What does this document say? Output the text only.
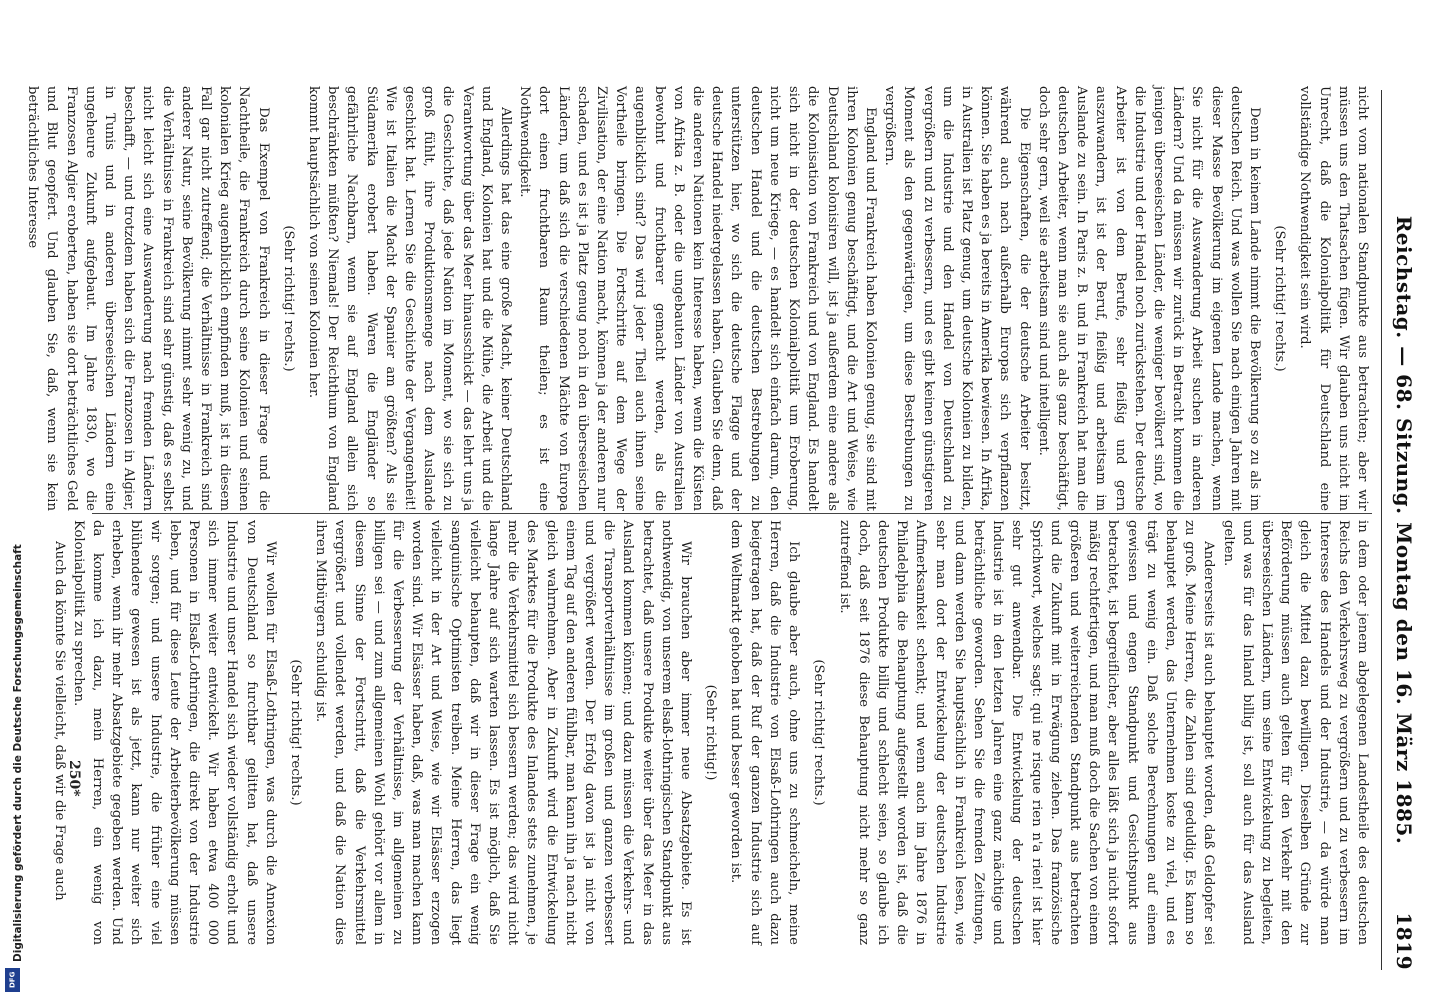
Reichstag. — 68. Sitzung. Montag den 16. März 1885.
1819

nicht vom nationalen Standpunkte aus betrachten; aber wir müssen uns den Thatsachen fügen. Wir glauben uns nicht im Unrecht, daß die Kolonialpolitik für Deutschland eine vollständige Nothwendigkeit sein wird.

(Sehr richtig! rechts.)

Denn in keinem Lande nimmt die Bevölkerung so zu als im deutschen Reich. Und was wollen Sie nach einigen Jahren mit dieser Masse Bevölkerung im eigenen Lande machen, wenn Sie nicht für die Auswanderung Arbeit suchen in anderen Ländern? Und da müssen wir zurück in Betracht kommen die jenigen überseeischen Länder, die weniger bevölkert sind, wo die Industrie und der Handel noch zurückstehen. Der deutsche Arbeiter ist von dem Berufe, sehr fleißig und gern auszuwandern, ist ist der Beruf, fleißig und arbeitsam im Auslande zu sein. In Paris z. B. und in Frankreich hat man die deutschen Arbeiter, wenn man sie auch als ganz beschäftigt, doch sehr gern, weil sie arbeitsam sind und intelligent.

Die Eigenschaften, die der deutsche Arbeiter besitzt, während auch nach außerhalb Europas sich verpflanzen können. Sie haben es ja bereits in Amerika bewiesen. In Afrika, in Australien ist Platz genug, um deutsche Kolonien zu bilden, um die Industrie und den Handel von Deutschland zu vergrößern und zu verbessern, und es gibt keinen günstigeren Moment als den gegenwärtigen, um diese Bestrebungen zu vergrößern.

England und Frankreich haben Kolonien genug, sie sind mit ihren Kolonien genug beschäftigt, und die Art und Weise, wie Deutschland kolonisiren will, ist ja außerdem eine andere als die Kolonisation von Frankreich und von England. Es handelt sich nicht in der deutschen Kolonialpolitik um Eroberung, nicht um neue Kriege, — es handelt sich einfach darum, den deutschen Handel und die deutschen Bestrebungen zu unterstützen hier, wo sich die deutsche Flagge und der deutsche Handel niedergelassen haben. Glauben Sie denn, daß die anderen Nationen kein Interesse haben, wenn die Küsten von Afrika z. B. oder die ungebauten Länder von Australien bewohnt und fruchtbarer gemacht werden, als die augenblicklich sind? Das wird jeder Theil auch ihnen seine Vortheile bringen. Die Fortschritte auf dem Wege der Zivilisation, der eine Nation macht, können ja der anderen nur schaden, und es ist ja Platz genug noch in den überseeischen Ländern, um daß sich die verschiedenen Mächte von Europa dort einen fruchtbaren Raum theilen; es ist eine Nothwendigkeit.

Allerdings hat das eine große Macht, keiner Deutschland und England, Kolonien hat und die Mühe, die Arbeit und die Verantwortung über das Meer hinausschickt — das lehrt uns ja die Geschichte, daß jede Nation im Moment, wo sie sich zu groß fühlt, ihre Produktionsmenge nach dem Auslande geschickt hat. Lernen Sie die Geschichte der Vergangenheit! Wie ist Italien die Macht der Spanier am größten? Als sie Südamerika erobert haben. Waren die Engländer so gefährliche Nachbarn, wenn sie auf England allein sich beschränkten müßten? Niemals! Der Reichthum von England kommt hauptsächlich von seinen Kolonien her.

(Sehr richtig! rechts.)

Das Exempel von Frankreich in dieser Frage und die Nachtheile, die Frankreich durch seine Kolonien und seinen kolonialen Krieg augenblicklich empfinden muß, ist in diesem Fall gar nicht zutreffend; die Verhältnisse in Frankreich sind anderer Natur, seine Bevölkerung nimmt sehr wenig zu, und die Verhältnisse in Frankreich sind sehr günstig, daß es selbst nicht leicht sich eine Auswanderung nach fremden Ländern beschafft, — und trotzdem haben sich die Franzosen in Algier, in Tunis und in anderen überseeischen Ländern eine ungeheure Zukunft aufgebaut. Im Jahre 1830, wo die Franzosen Algier eroberten, haben sie dort beträchtliches Geld und Blut geopfert. Und glauben Sie, daß, wenn sie kein beträchtliches Interesse

in dem oder jenem abgelegenen Landestheile des deutschen Reichs den Verkehrsweg zu vergrößern und zu verbessern im Interesse des Handels und der Industrie, — da würde man gleich die Mittel dazu bewilligen. Dieselben Gründe zur Beförderung müssen auch gelten für den Verkehr mit den überseeischen Ländern, um seine Entwickelung zu begleiten, und was für das Inland billig ist, soll auch für das Ausland gelten.

Andererseits ist auch behauptet worden, daß Geldopfer sei zu groß. Meine Herren, die Zahlen sind geduldig. Es kann so behauptet werden, das Unternehmen koste zu viel, und es trägt zu wenig ein. Daß solche Berechnungen auf einem gewissen und engen Standpunkt und Gesichtspunkt aus betrachtet, ist begreiflicher, aber alles läßt sich ja nicht sofort mäßig rechtfertigen, und man muß doch die Sachen von einem größeren und weiterreichenden Standpunkt aus betrachten und die Zukunft mit in Erwägung ziehen. Das französische Sprichwort, welches sagt: qui ne risque rien n'a rien! ist hier sehr gut anwendbar. Die Entwickelung der deutschen Industrie ist in den letzten Jahren eine ganz mächtige und beträchtliche geworden. Sehen Sie die fremden Zeitungen, und dann werden Sie hauptsächlich in Frankreich lesen, wie sehr man dort der Entwickelung der deutschen Industrie Aufmerksamkeit schenkt; und wenn auch im Jahre 1876 in Philadelphia die Behauptung aufgestellt worden ist, daß die deutschen Produkte billig und schlecht seien, so glaube ich doch, daß seit 1876 diese Behauptung nicht mehr so ganz zutreffend ist.

(Sehr richtig! rechts.)

Ich glaube aber auch, ohne uns zu schmeicheln, meine Herren, daß die Industrie von Elsaß-Lothringen auch dazu beigetragen hat, daß der Ruf der ganzen Industrie sich auf dem Weltmarkt gehoben hat und besser geworden ist.

(Sehr richtig!)

Wir brauchen aber immer neue Absatzgebiete. Es ist nothwendig, von unserem elsaß-lothringischen Standpunkt aus betrachtet, daß unsere Produkte weiter über das Meer in das Ausland kommen können; und dazu müssen die Verkehrs- und die Transportverhältnisse im großen und ganzen verbessert und vergrößert werden. Der Erfolg davon ist ja nicht von einem Tag auf den anderen fühlbar, man kann ihn ja nach nicht gleich wahrnehmen. Aber in Zukunft wird die Entwickelung des Marktes für die Produkte des Inlandes stets zunehmen, je mehr die Verkehrsmittel sich bessern werden; das wird nicht lange Jahre auf sich warten lassen. Es ist möglich, daß Sie vielleicht behaupten, daß wir in dieser Frage ein wenig sanguinische Optimisten treiben. Meine Herren, das liegt vielleicht in der Art und Weise, wie wir Elsässer erzogen worden sind. Wir Elsässer haben, daß, was man machen kann für die Verbesserung der Verhältnisse, im allgemeinen zu billigen sei — und zum allgemeinen Wohl gehört vor allem in diesem Sinne der Fortschritt, daß die Verkehrsmittel vergrößert und vollendet werden, und daß die Nation dies ihren Mitbürgern schuldig ist.

(Sehr richtig! rechts.)

Wir wollen für Elsaß-Lothringen, was durch die Annexion von Deutschland so furchtbar gelitten hat, daß unsere Industrie und unser Handel sich wieder vollständig erholt und sich immer weiter entwickelt. Wir haben etwa 400 000 Personen in Elsaß-Lothringen, die direkt von der Industrie leben, und für diese Leute der Arbeiterbevölkerung müssen wir sorgen; und unsere Industrie, die früher eine viel blühendere gewesen ist als jetzt, kann nur weiter sich erheben, wenn ihr mehr Absatzgebiete gegeben werden. Und da komme ich dazu, mein Herren, ein wenig von Kolonialpolitik zu sprechen.

Auch da könnte Sie vielleicht, daß wir die Frage auch 250*
DFG
Digitalisierung gefördert durch die Deutsche Forschungsgemeinschaft
